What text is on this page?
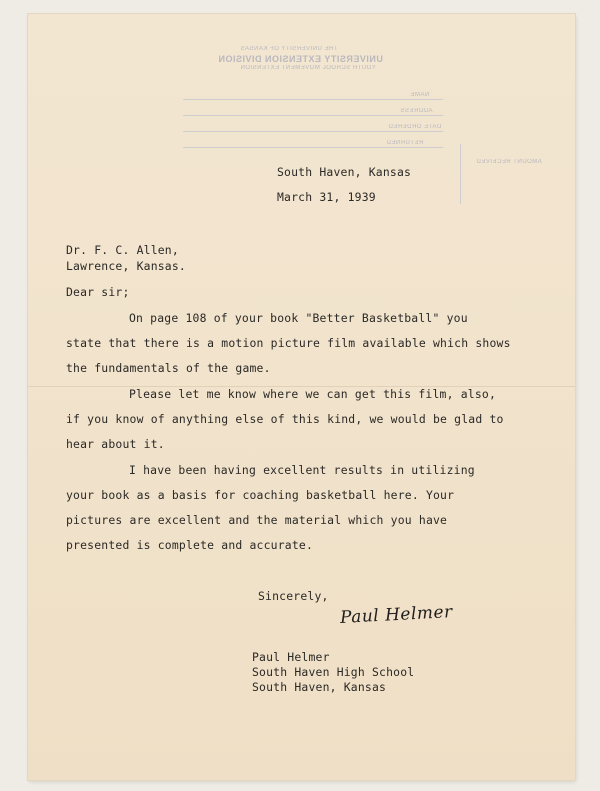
THE UNIVERSITY OF KANSAS
UNIVERSITY EXTENSION DIVISION
YOUTH SCHOOL MOVEMENT EXTENSION
NAME
ADDRESS
DATE ORDERED
RETURNED
AMOUNT RECEIVED
South Haven, Kansas
March 31, 1939
Dr. F. C. Allen,
Lawrence, Kansas.
Dear sir;
On page 108 of your book "Better Basketball" you
state that there is a motion picture film available which shows
the fundamentals of the game.
Please let me know where we can get this film, also,
if you know of anything else of this kind, we would be glad to
hear about it.
I have been having excellent results in utilizing
your book as a basis for coaching basketball here. Your
pictures are excellent and the material which you have
presented is complete and accurate.
Sincerely,
Paul Helmer
Paul Helmer
South Haven High School
South Haven, Kansas
